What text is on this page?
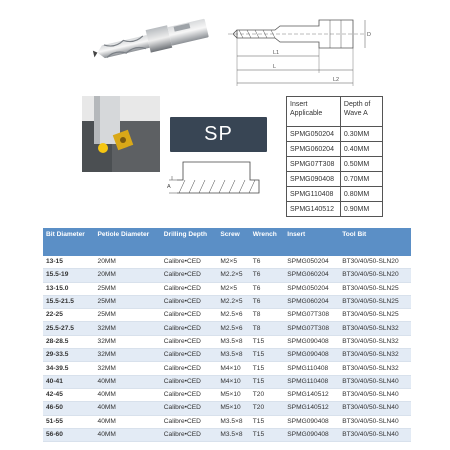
L1
L
L2
D
SP
A
Insert Applicable	Depth of Wave A
SPMG050204	0.30MM
SPMG060204	0.40MM
SPMG07T308	0.50MM
SPMG090408	0.70MM
SPMG110408	0.80MM
SPMG140512	0.90MM
Bit Diameter	Petiole Diameter	Drilling Depth	Screw	Wrench	Insert	Tool Bit
13-15	20MM	Calibre•CED	M2×5	T6	SPMG050204	BT30/40/50-SLN20
15.5-19	20MM	Calibre•CED	M2.2×5	T6	SPMG060204	BT30/40/50-SLN20
13-15.0	25MM	Calibre•CED	M2×5	T6	SPMG050204	BT30/40/50-SLN25
15.5-21.5	25MM	Calibre•CED	M2.2×5	T6	SPMG060204	BT30/40/50-SLN25
22-25	25MM	Calibre•CED	M2.5×6	T8	SPMG07T308	BT30/40/50-SLN25
25.5-27.5	32MM	Calibre•CED	M2.5×6	T8	SPMG07T308	BT30/40/50-SLN32
28-28.5	32MM	Calibre•CED	M3.5×8	T15	SPMG090408	BT30/40/50-SLN32
29-33.5	32MM	Calibre•CED	M3.5×8	T15	SPMG090408	BT30/40/50-SLN32
34-39.5	32MM	Calibre•CED	M4×10	T15	SPMG110408	BT30/40/50-SLN32
40-41	40MM	Calibre•CED	M4×10	T15	SPMG110408	BT30/40/50-SLN40
42-45	40MM	Calibre•CED	M5×10	T20	SPMG140512	BT30/40/50-SLN40
46-50	40MM	Calibre•CED	M5×10	T20	SPMG140512	BT30/40/50-SLN40
51-55	40MM	Calibre•CED	M3.5×8	T15	SPMG090408	BT30/40/50-SLN40
56-60	40MM	Calibre•CED	M3.5×8	T15	SPMG090408	BT30/40/50-SLN40
